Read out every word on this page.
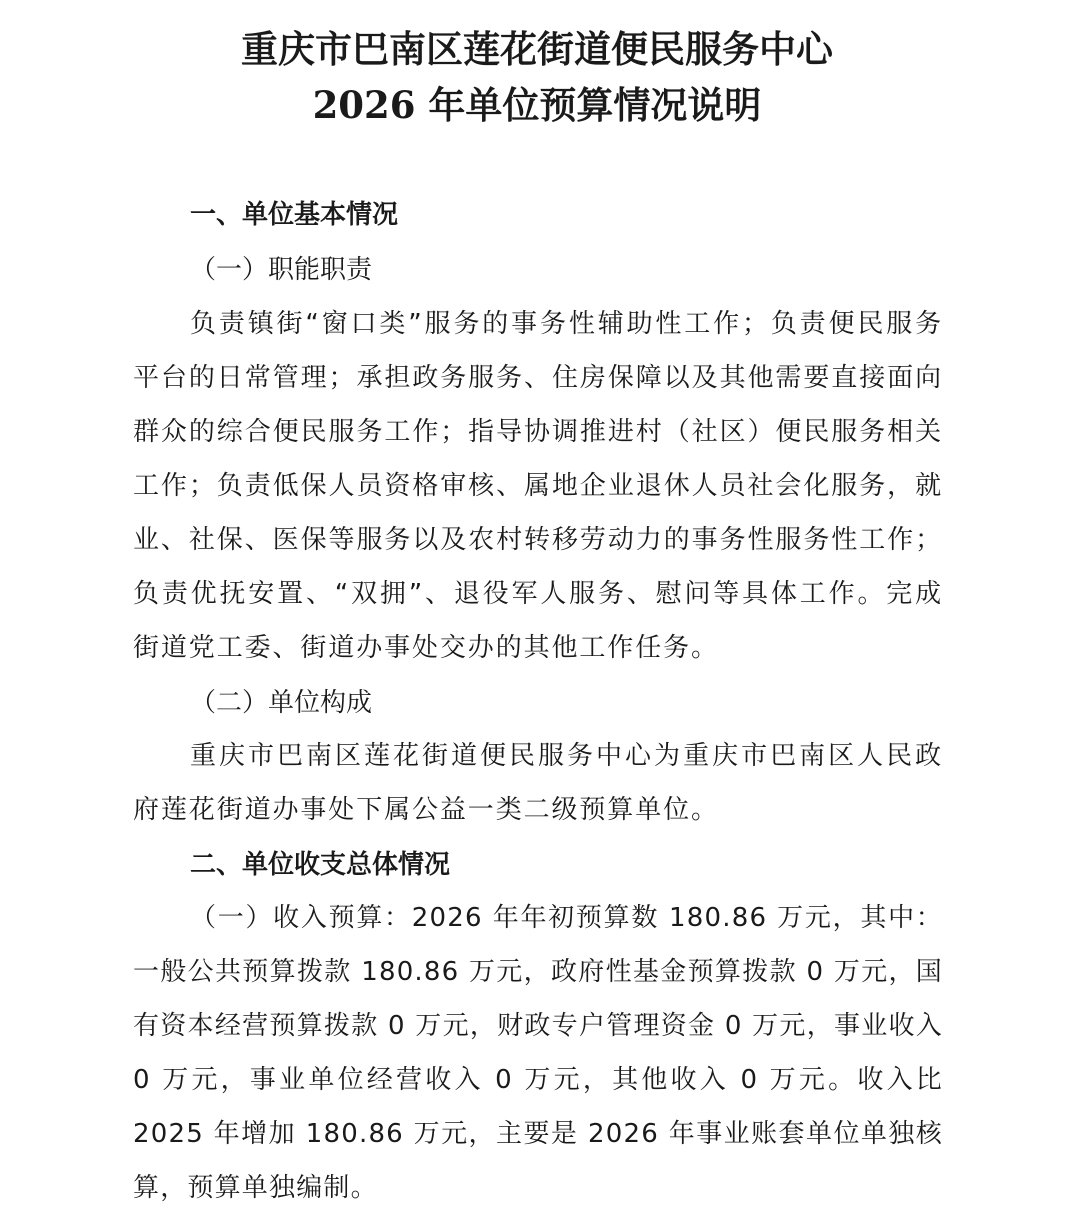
重庆市巴南区莲花街道便民服务中心
2026 年单位预算情况说明
一、单位基本情况
（一）职能职责

负责镇街“窗口类”服务的事务性辅助性工作；负责便民服务平台的日常管理；承担政务服务、住房保障以及其他需要直接面向群众的综合便民服务工作；指导协调推进村（社区）便民服务相关工作；负责低保人员资格审核、属地企业退休人员社会化服务，就业、社保、医保等服务以及农村转移劳动力的事务性服务性工作；负责优抚安置、“双拥”、退役军人服务、慰问等具体工作。完成街道党工委、街道办事处交办的其他工作任务。

（二）单位构成

重庆市巴南区莲花街道便民服务中心为重庆市巴南区人民政府莲花街道办事处下属公益一类二级预算单位。

二、单位收支总体情况

（一）收入预算：2026 年年初预算数 180.86 万元，其中：一般公共预算拨款 180.86 万元，政府性基金预算拨款 0 万元，国有资本经营预算拨款 0 万元，财政专户管理资金 0 万元，事业收入 0 万元，事业单位经营收入 0 万元，其他收入 0 万元。收入比 2025 年增加 180.86 万元，主要是 2026 年事业账套单位单独核算，预算单独编制。
